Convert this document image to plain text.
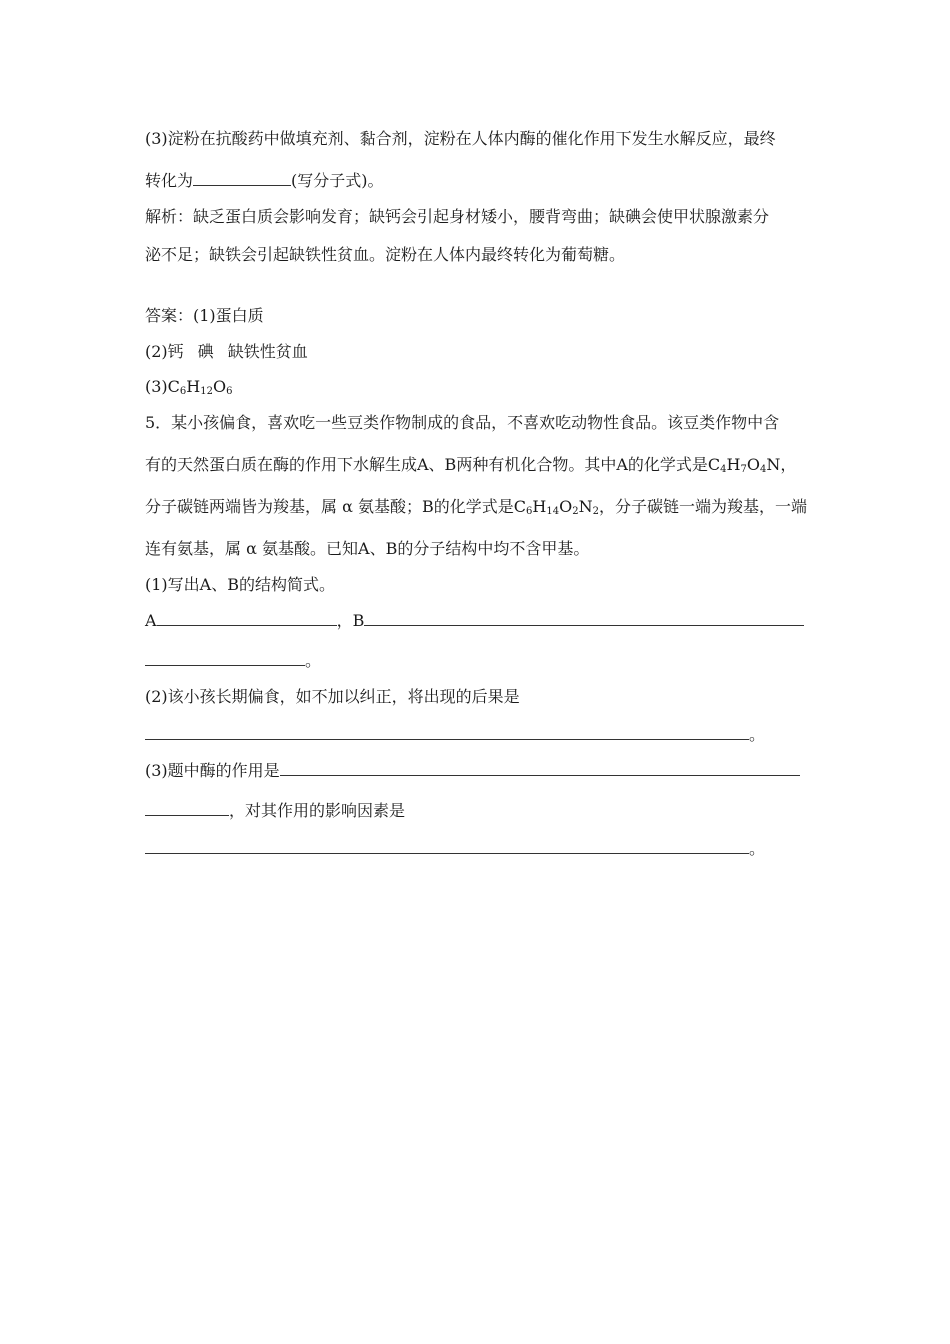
(3)淀粉在抗酸药中做填充剂、黏合剂，淀粉在人体内酶的催化作用下发生水解反应，最终
转化为	(写分子式)。
解析：缺乏蛋白质会影响发育；缺钙会引起身材矮小，腰背弯曲；缺碘会使甲状腺激素分
泌不足；缺铁会引起缺铁性贫血。淀粉在人体内最终转化为葡萄糖。
答案：(1)蛋白质
(2)钙 碘 缺铁性贫血
$(3)C_6H_{12}O_6$
5．某小孩偏食，喜欢吃一些豆类作物制成的食品，不喜欢吃动物性食品。该豆类作物中含
有的天然蛋白质在酶的作用下水解生成A、B两种有机化合物。其中A的化学式是$C_4H_7O_4N$，
分子碳链两端皆为羧基，属 α 氨基酸；B的化学式是$C_6H_{14}O_2N_2$，分子碳链一端为羧基，一端
连有氨基，属 α 氨基酸。已知A、B的分子结构中均不含甲基。
(1)写出A、B的结构简式。
A	，B
。
(2)该小孩长期偏食，如不加以纠正，将出现的后果是
。
(3)题中酶的作用是
，对其作用的影响因素是
。
